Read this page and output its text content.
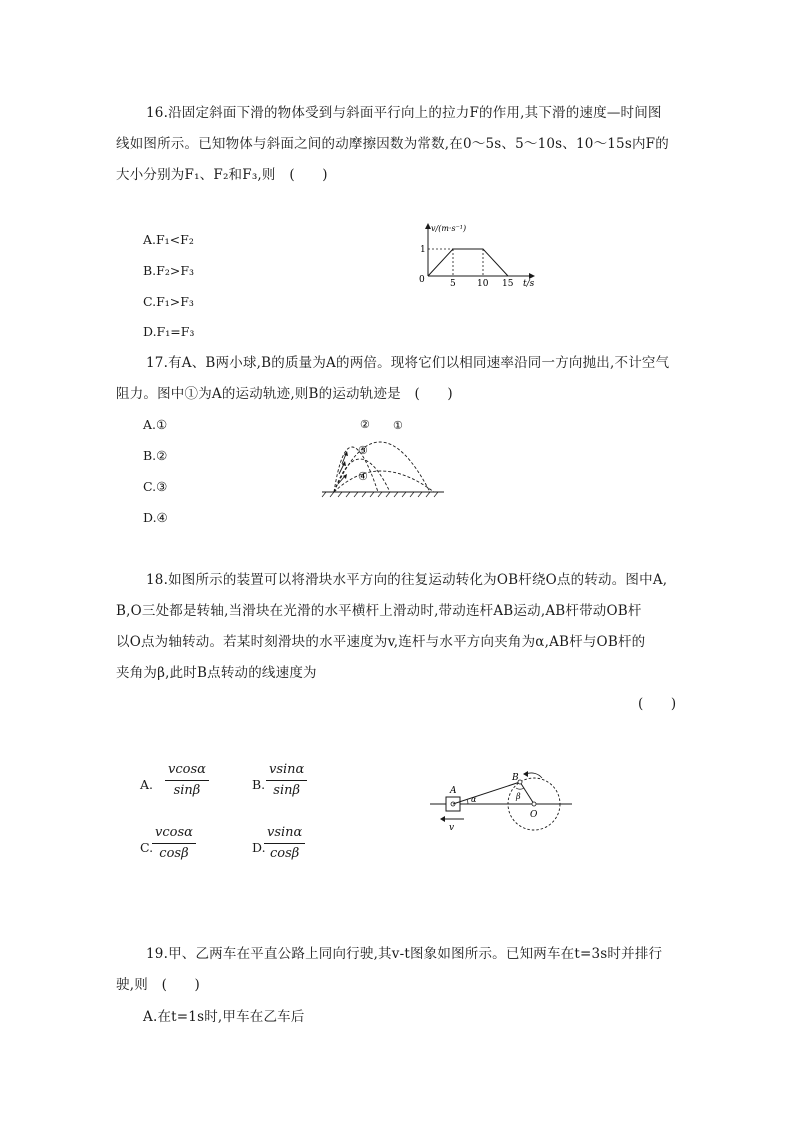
16.沿固定斜面下滑的物体受到与斜面平行向上的拉力F的作用,其下滑的速度—时间图
线如图所示。已知物体与斜面之间的动摩擦因数为常数,在0～5s、5～10s、10～15s内F的
大小分别为F₁、F₂和F₃,则　(　　)
A.F₁<F₂
B.F₂>F₃
C.F₁>F₃
D.F₁=F₃
v/(m·s⁻¹)
1
0	5 10 15 t/s
17.有A、B两小球,B的质量为A的两倍。现将它们以相同速率沿同一方向抛出,不计空气
阻力。图中①为A的运动轨迹,则B的运动轨迹是　(　　)
A.①
B.②
C.③
D.④
①
②
③
④
18.如图所示的装置可以将滑块水平方向的往复运动转化为OB杆绕O点的转动。图中A,
B,O三处都是转轴,当滑块在光滑的水平横杆上滑动时,带动连杆AB运动,AB杆带动OB杆
以O点为轴转动。若某时刻滑块的水平速度为v,连杆与水平方向夹角为α,AB杆与OB杆的
夹角为β,此时B点转动的线速度为
(　　)
A. $\frac{vcos\alpha}{\sin\beta}$	B. $\frac{vsin\alpha}{\sin\beta}$
C.
$\frac{vcos\alpha}{\cos\beta}$	D.
$\frac{vsin\alpha}{\cos\beta}$
A
B
O
α	β
v
19.甲、乙两车在平直公路上同向行驶,其v-t图象如图所示。已知两车在t=3s时并排行
驶,则　(　　)
A.在t=1s时,甲车在乙车后
